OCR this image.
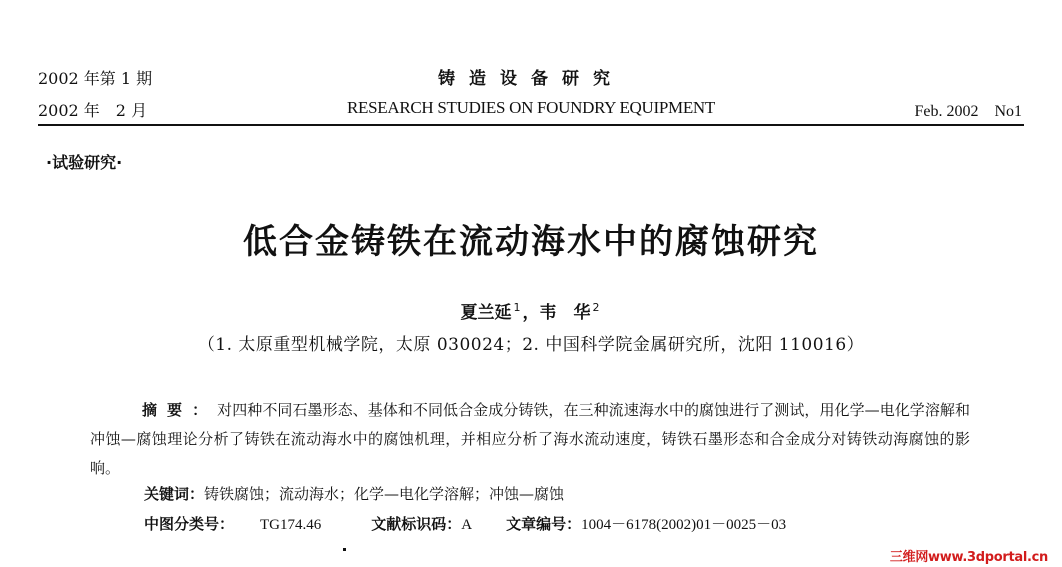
2002 年第 1 期
2002 年　2 月
铸造设备研究
RESEARCH STUDIES ON FOUNDRY EQUIPMENT	Feb. 2002　No1
·试验研究·
低合金铸铁在流动海水中的腐蚀研究
夏兰延 $^1$ ，韦　华 $^2$
（1. 太原重型机械学院，太原 030024；2. 中国科学院金属研究所，沈阳 110016）
摘要：对四种不同石墨形态、基体和不同低合金成分铸铁，在三种流速海水中的腐蚀进行了测试，用化学—电化学溶解和冲蚀—腐蚀理论分析了铸铁在流动海水中的腐蚀机理，并相应分析了海水流动速度，铸铁石墨形态和合金成分对铸铁动海腐蚀的影响。
关键词：铸铁腐蚀；流动海水；化学—电化学溶解；冲蚀—腐蚀
中图分类号： TG174.46	文献标识码：A 文章编号：1004－6178(2002)01－0025－03
三维网www.3dportal.cn
